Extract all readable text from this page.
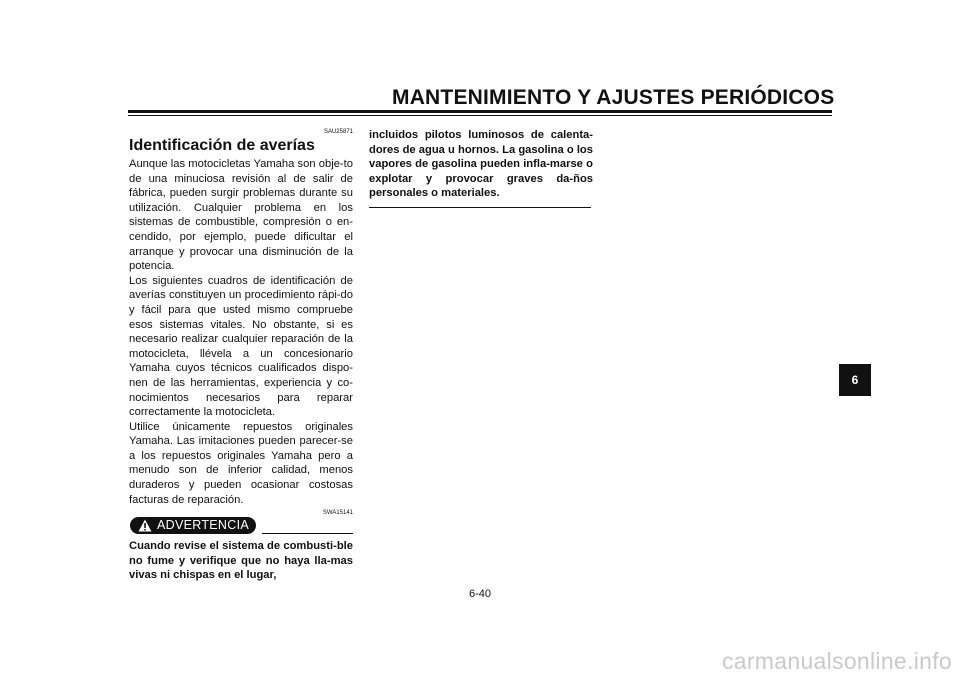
MANTENIMIENTO Y AJUSTES PERIÓDICOS
SAU25871
Identificación de averías

Aunque las motocicletas Yamaha son obje-to de una minuciosa revisión al de salir de fábrica, pueden surgir problemas durante su utilización. Cualquier problema en los sistemas de combustible, compresión o en-cendido, por ejemplo, puede dificultar el arranque y provocar una disminución de la potencia.

Los siguientes cuadros de identificación de averías constituyen un procedimiento rápi-do y fácil para que usted mismo compruebe esos sistemas vitales. No obstante, si es necesario realizar cualquier reparación de la motocicleta, llévela a un concesionario Yamaha cuyos técnicos cualificados dispo-nen de las herramientas, experiencia y co-nocimientos necesarios para reparar correctamente la motocicleta.

Utilice únicamente repuestos originales Yamaha. Las imitaciones pueden parecer-se a los repuestos originales Yamaha pero a menudo son de inferior calidad, menos duraderos y pueden ocasionar costosas facturas de reparación.

SWA15141
ADVERTENCIA

Cuando revise el sistema de combusti-ble no fume y verifique que no haya lla-mas vivas ni chispas en el lugar,

incluidos pilotos luminosos de calenta-dores de agua u hornos. La gasolina o los vapores de gasolina pueden infla-marse o explotar y provocar graves da-ños personales o materiales.

6
6-40
carmanualsonline.info
